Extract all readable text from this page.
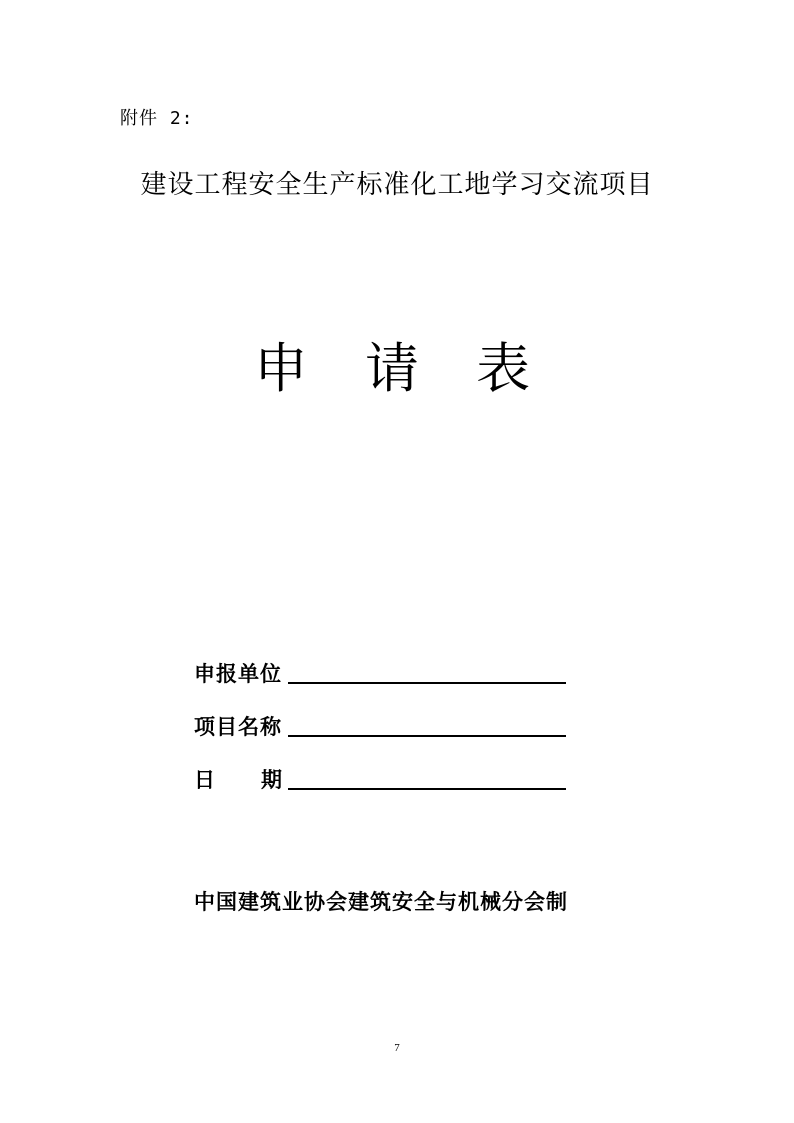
附件 2:
建设工程安全生产标准化工地学习交流项目
申 请 表
申报单位
项目名称
日期
中国建筑业协会建筑安全与机械分会制
7
